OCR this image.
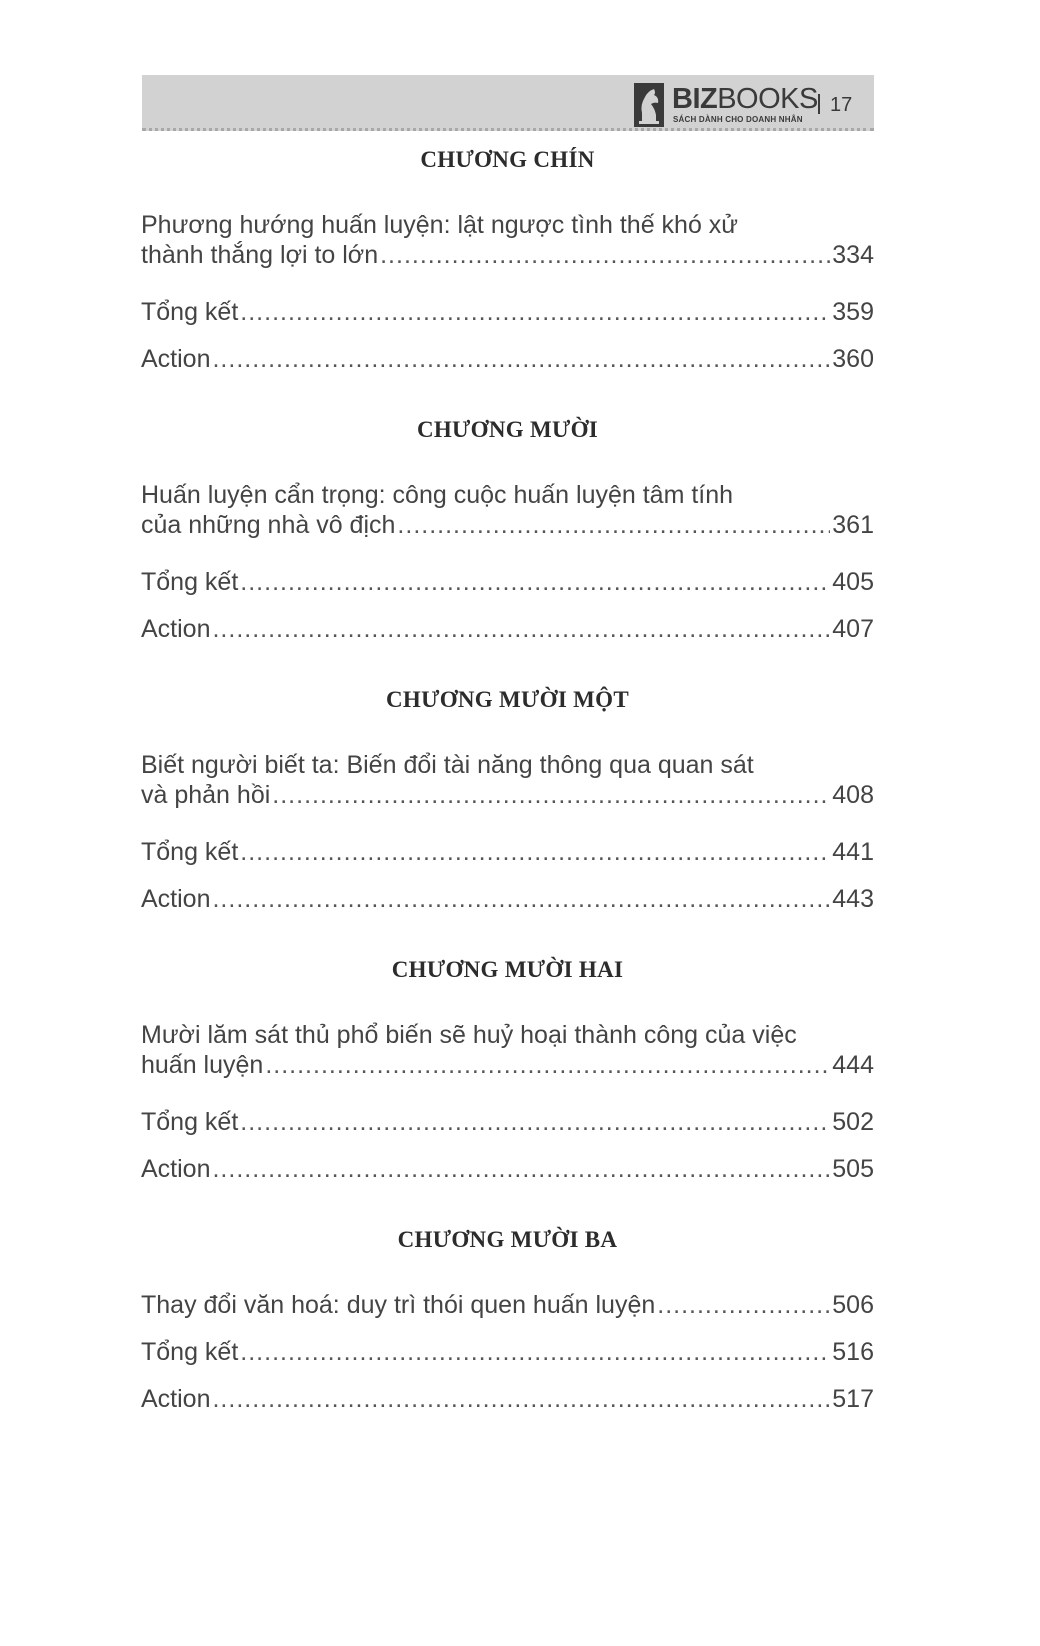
BIZBOOKS
SÁCH DÀNH CHO DOANH NHÂN
17
CHƯƠNG CHÍN
Phương hướng huấn luyện: lật ngược tình thế khó xử
thành thắng lợi to lớn .....	334
Tổng kết .....	359
Action .....	360
CHƯƠNG MƯỜI
Huấn luyện cẩn trọng: công cuộc huấn luyện tâm tính
của những nhà vô địch .....	361
Tổng kết .....	405
Action .....	407
CHƯƠNG MƯỜI MỘT
Biết người biết ta: Biến đổi tài năng thông qua quan sát
và phản hồi .....	408
Tổng kết .....	441
Action .....	443
CHƯƠNG MƯỜI HAI
Mười lăm sát thủ phổ biến sẽ huỷ hoại thành công của việc
huấn luyện .....	444
Tổng kết .....	502
Action .....	505
CHƯƠNG MƯỜI BA
Thay đổi văn hoá: duy trì thói quen huấn luyện .....	506
Tổng kết .....	516
Action .....	517
